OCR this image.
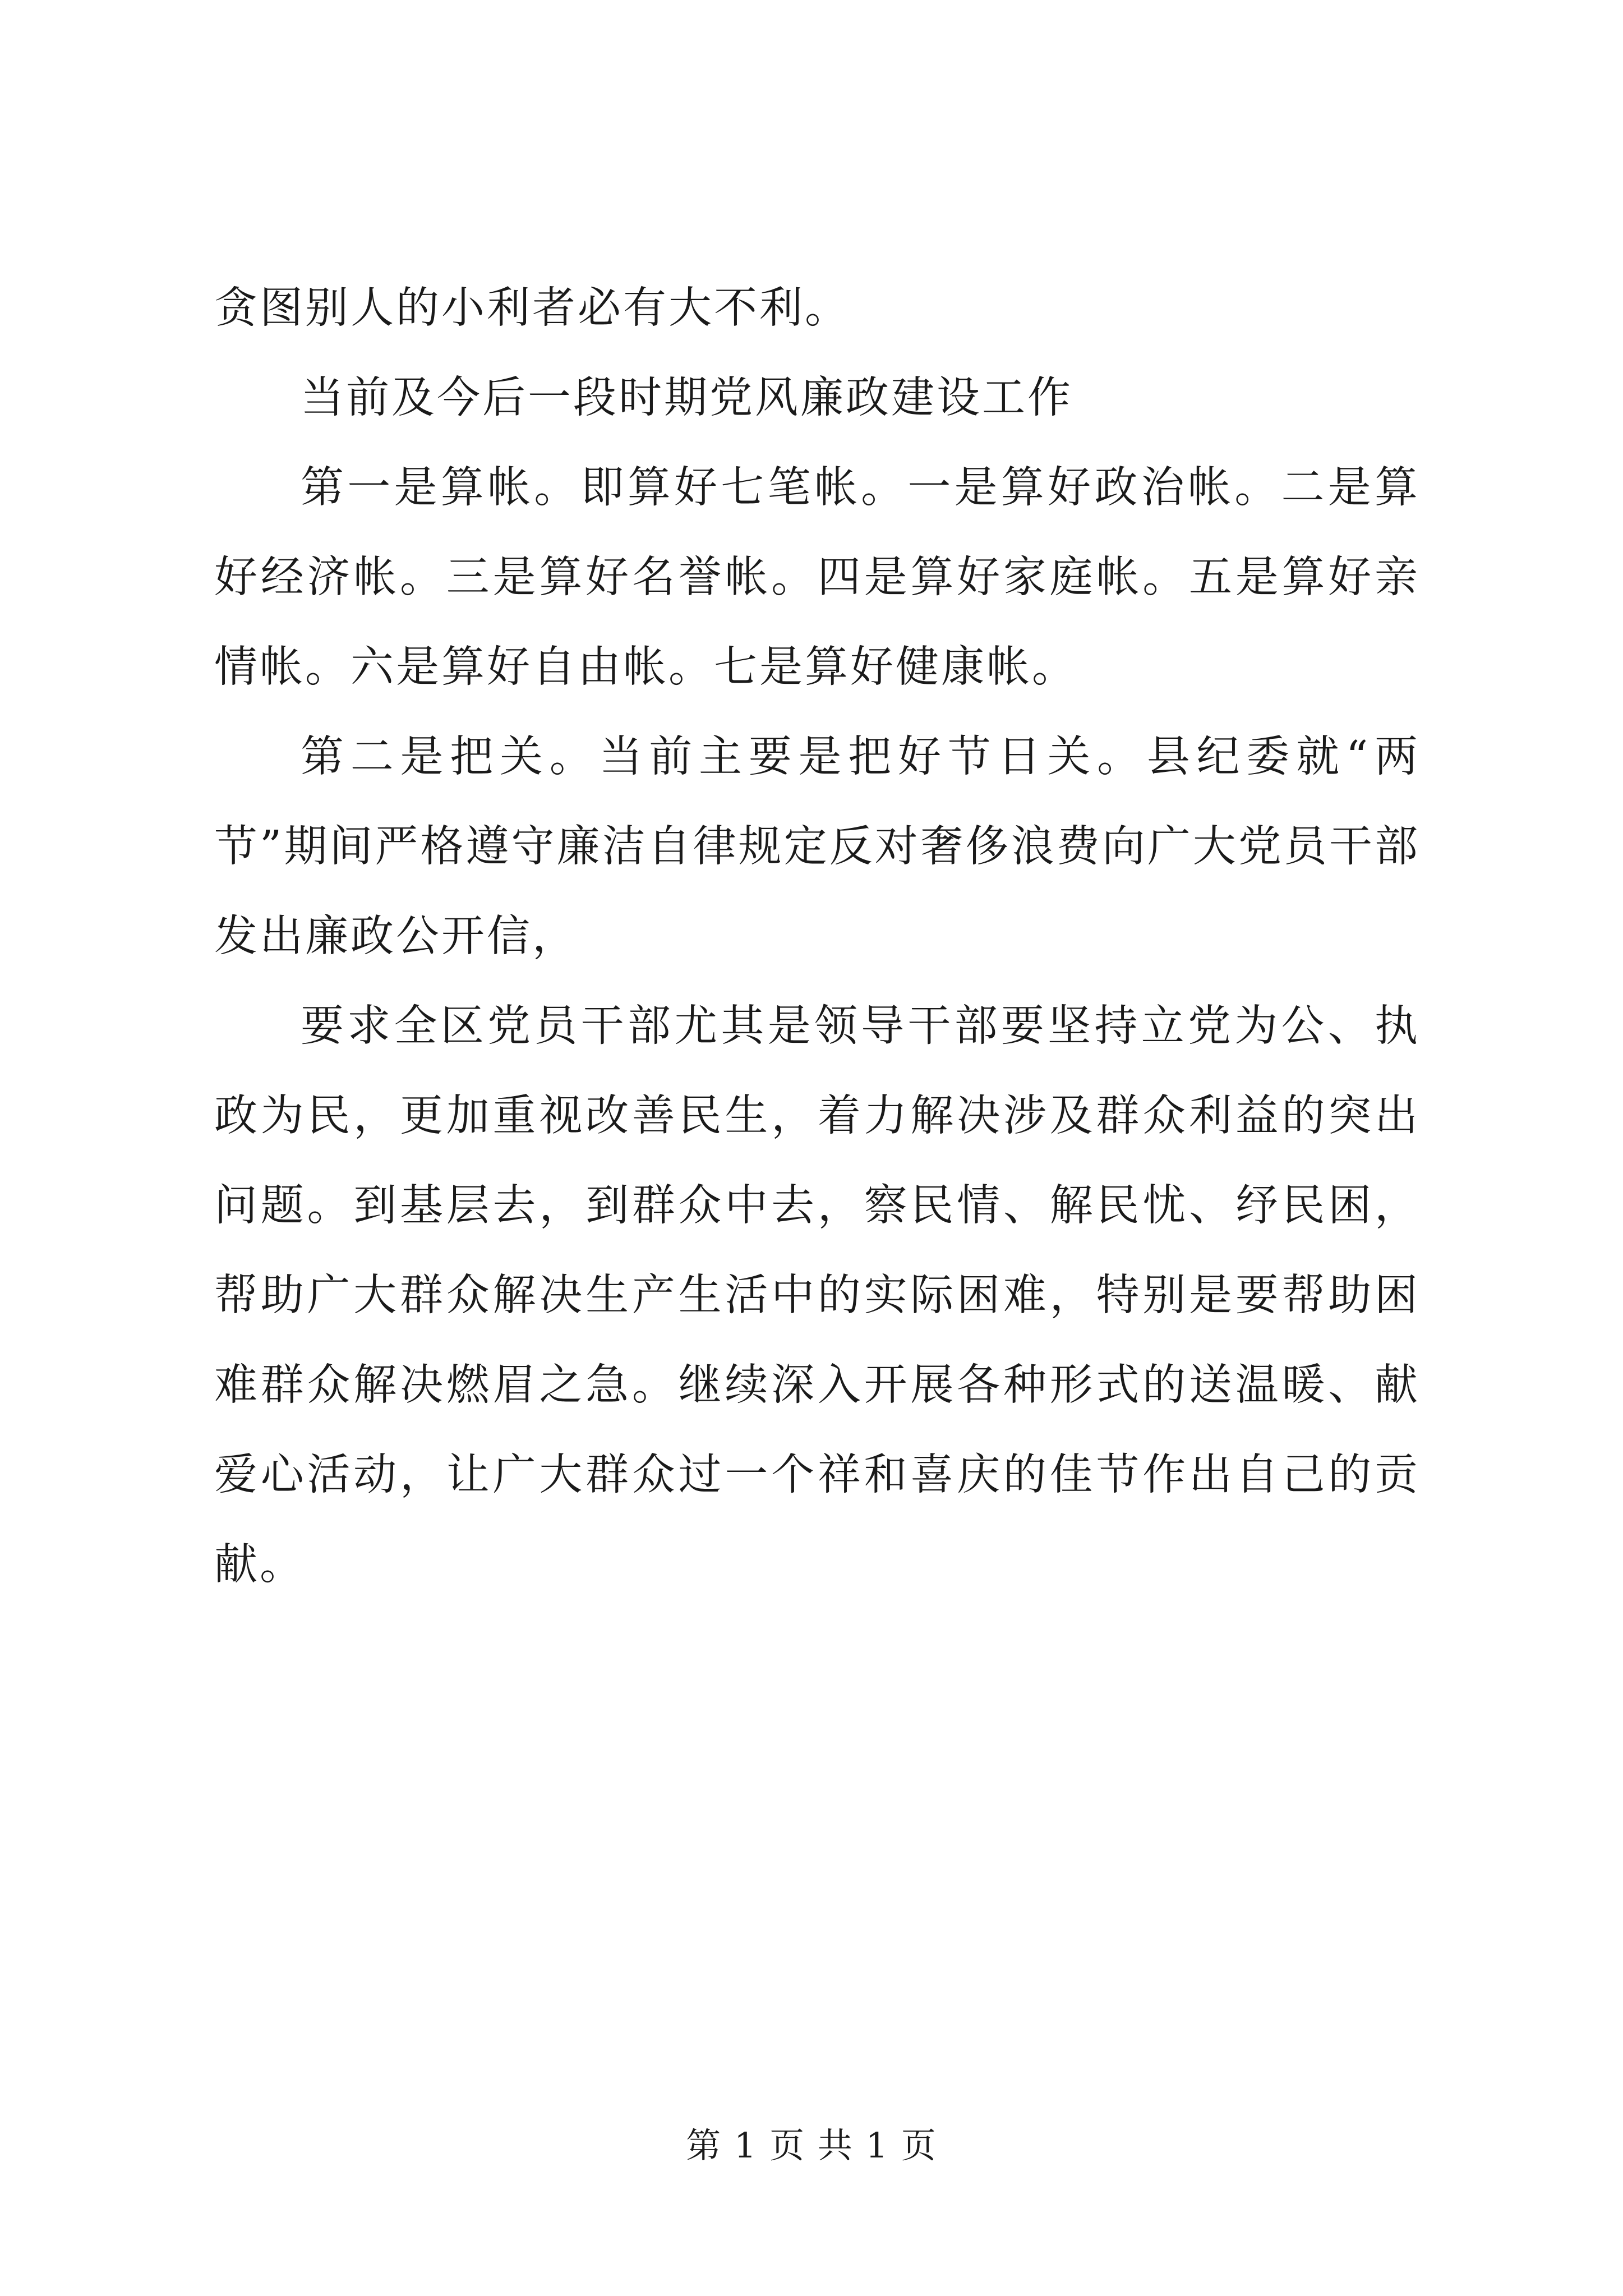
贪图别人的小利者必有大不利。

当前及今后一段时期党风廉政建设工作

第一是算帐。即算好七笔帐。一是算好政治帐。二是算好经济帐。三是算好名誉帐。四是算好家庭帐。五是算好亲情帐。六是算好自由帐。七是算好健康帐。

第二是把关。当前主要是把好节日关。县纪委就“两节”期间严格遵守廉洁自律规定反对奢侈浪费向广大党员干部发出廉政公开信，

要求全区党员干部尤其是领导干部要坚持立党为公、执政为民，更加重视改善民生，着力解决涉及群众利益的突出问题。到基层去，到群众中去，察民情、解民忧、纾民困，帮助广大群众解决生产生活中的实际困难，特别是要帮助困难群众解决燃眉之急。继续深入开展各种形式的送温暖、献爱心活动，让广大群众过一个祥和喜庆的佳节作出自己的贡献。

第 1 页 共 1 页
